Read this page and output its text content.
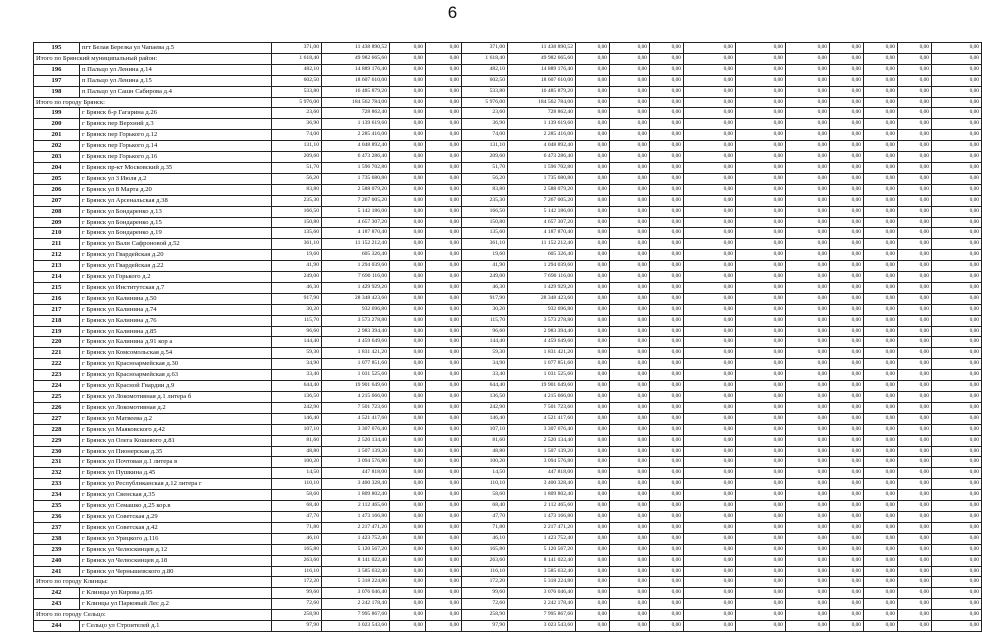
6
195	пгт Белая Березка ул Чапаева д.5	371,00	11 438 890,52	0,00	0,00	371,00	11 438 890,52	0,00	0,00	0,00	0,00	0,00	0,00	0,00	0,00	0,00	0,00
Итого по Брянский муниципальный район:		1 618,40	49 982 665,60	0,00	0,00	1 618,40	49 982 665,60	0,00	0,00	0,00	0,00	0,00	0,00	0,00	0,00	0,00	0,00
196	п Пальцо ул Ленина д.14	482,10	14 889 176,40	0,00	0,00	482,10	14 889 176,40	0,00	0,00	0,00	0,00	0,00	0,00	0,00	0,00	0,00	0,00
197	п Пальцо ул Ленина д.15	602,50	18 607 610,00	0,00	0,00	602,50	18 607 610,00	0,00	0,00	0,00	0,00	0,00	0,00	0,00	0,00	0,00	0,00
198	п Пальцо ул Сашн Сабирова д.4	533,80	16 485 879,20	0,00	0,00	533,80	16 485 879,20	0,00	0,00	0,00	0,00	0,00	0,00	0,00	0,00	0,00	0,00
Итого по городу Брянск:		5 976,00	184 562 784,00	0,00	0,00	5 976,00	184 562 784,00	0,00	0,00	0,00	0,00	0,00	0,00	0,00	0,00	0,00	0,00
199	г Брянск б-р Гагарина д.26	23,60	728 862,40	0,00	0,00	23,60	728 862,40	0,00	0,00	0,00	0,00	0,00	0,00	0,00	0,00	0,00	0,00
200	г Брянск пер Верхний д.3	36,90	1 139 619,60	0,00	0,00	36,90	1 139 619,60	0,00	0,00	0,00	0,00	0,00	0,00	0,00	0,00	0,00	0,00
201	г Брянск пер Горького д.12	74,00	2 285 416,00	0,00	0,00	74,00	2 285 416,00	0,00	0,00	0,00	0,00	0,00	0,00	0,00	0,00	0,00	0,00
202	г Брянск пер Горького д.14	131,10	4 048 892,40	0,00	0,00	131,10	4 048 892,40	0,00	0,00	0,00	0,00	0,00	0,00	0,00	0,00	0,00	0,00
203	г Брянск пер Горького д.16	209,60	6 473 286,40	0,00	0,00	209,60	6 473 286,40	0,00	0,00	0,00	0,00	0,00	0,00	0,00	0,00	0,00	0,00
204	г Брянск пр-кт Московский д.35	51,70	1 596 702,80	0,00	0,00	51,70	1 596 702,80	0,00	0,00	0,00	0,00	0,00	0,00	0,00	0,00	0,00	0,00
205	г Брянск ул 3 Июля д.2	56,20	1 735 680,80	0,00	0,00	56,20	1 735 680,80	0,00	0,00	0,00	0,00	0,00	0,00	0,00	0,00	0,00	0,00
206	г Брянск ул 8 Марта д.20	83,80	2 588 079,20	0,00	0,00	83,80	2 588 079,20	0,00	0,00	0,00	0,00	0,00	0,00	0,00	0,00	0,00	0,00
207	г Брянск ул Арсенальская д.38	235,30	7 267 005,20	0,00	0,00	235,30	7 267 005,20	0,00	0,00	0,00	0,00	0,00	0,00	0,00	0,00	0,00	0,00
208	г Брянск ул Бондаренко д.13	166,50	5 142 186,00	0,00	0,00	166,50	5 142 186,00	0,00	0,00	0,00	0,00	0,00	0,00	0,00	0,00	0,00	0,00
209	г Брянск ул Бондаренко д.15	150,80	4 657 307,20	0,00	0,00	150,80	4 657 307,20	0,00	0,00	0,00	0,00	0,00	0,00	0,00	0,00	0,00	0,00
210	г Брянск ул Бондаренко д.19	135,60	4 187 870,40	0,00	0,00	135,60	4 187 870,40	0,00	0,00	0,00	0,00	0,00	0,00	0,00	0,00	0,00	0,00
211	г Брянск ул Вали Сафроновой д.52	361,10	11 152 212,40	0,00	0,00	361,10	11 152 212,40	0,00	0,00	0,00	0,00	0,00	0,00	0,00	0,00	0,00	0,00
212	г Брянск ул Гвардейская д.20	19,60	605 326,40	0,00	0,00	19,60	605 326,40	0,00	0,00	0,00	0,00	0,00	0,00	0,00	0,00	0,00	0,00
213	г Брянск ул Гвардейская д.22	41,90	1 294 039,60	0,00	0,00	41,90	1 294 039,60	0,00	0,00	0,00	0,00	0,00	0,00	0,00	0,00	0,00	0,00
214	г Брянск ул Горького д.2	249,00	7 690 116,00	0,00	0,00	249,00	7 690 116,00	0,00	0,00	0,00	0,00	0,00	0,00	0,00	0,00	0,00	0,00
215	г Брянск ул Институтская д.7	46,30	1 429 929,20	0,00	0,00	46,30	1 429 929,20	0,00	0,00	0,00	0,00	0,00	0,00	0,00	0,00	0,00	0,00
216	г Брянск ул Калинина д.50	917,90	28 348 423,60	0,00	0,00	917,90	28 348 423,60	0,00	0,00	0,00	0,00	0,00	0,00	0,00	0,00	0,00	0,00
217	г Брянск ул Калинина д.74	30,20	932 696,80	0,00	0,00	30,20	932 696,80	0,00	0,00	0,00	0,00	0,00	0,00	0,00	0,00	0,00	0,00
218	г Брянск ул Калинина д.76	115,70	3 573 278,80	0,00	0,00	115,70	3 573 278,80	0,00	0,00	0,00	0,00	0,00	0,00	0,00	0,00	0,00	0,00
219	г Брянск ул Калинина д.85	96,60	2 983 394,40	0,00	0,00	96,60	2 983 394,40	0,00	0,00	0,00	0,00	0,00	0,00	0,00	0,00	0,00	0,00
220	г Брянск ул Калинина д.91 кор а	144,40	4 459 649,60	0,00	0,00	144,40	4 459 649,60	0,00	0,00	0,00	0,00	0,00	0,00	0,00	0,00	0,00	0,00
221	г Брянск ул Комсомольская д.54	59,30	1 831 421,20	0,00	0,00	59,30	1 831 421,20	0,00	0,00	0,00	0,00	0,00	0,00	0,00	0,00	0,00	0,00
222	г Брянск ул Красноармейская д.30	34,90	1 077 851,60	0,00	0,00	34,90	1 077 851,60	0,00	0,00	0,00	0,00	0,00	0,00	0,00	0,00	0,00	0,00
223	г Брянск ул Красноармейская д.63	33,40	1 031 525,60	0,00	0,00	33,40	1 031 525,60	0,00	0,00	0,00	0,00	0,00	0,00	0,00	0,00	0,00	0,00
224	г Брянск ул Красной Гвардии д.9	644,40	19 901 649,60	0,00	0,00	644,40	19 901 649,60	0,00	0,00	0,00	0,00	0,00	0,00	0,00	0,00	0,00	0,00
225	г Брянск ул Локомотивная д.1 литера б	136,50	4 215 666,00	0,00	0,00	136,50	4 215 666,00	0,00	0,00	0,00	0,00	0,00	0,00	0,00	0,00	0,00	0,00
226	г Брянск ул Локомотивная д.2	242,90	7 501 723,60	0,00	0,00	242,90	7 501 723,60	0,00	0,00	0,00	0,00	0,00	0,00	0,00	0,00	0,00	0,00
227	г Брянск ул Матвеева д.2	146,40	4 521 417,60	0,00	0,00	146,40	4 521 417,60	0,00	0,00	0,00	0,00	0,00	0,00	0,00	0,00	0,00	0,00
228	г Брянск ул Маяковского д.42	107,10	3 307 676,40	0,00	0,00	107,10	3 307 676,40	0,00	0,00	0,00	0,00	0,00	0,00	0,00	0,00	0,00	0,00
229	г Брянск ул Олега Кошевого д.81	81,60	2 520 134,40	0,00	0,00	81,60	2 520 134,40	0,00	0,00	0,00	0,00	0,00	0,00	0,00	0,00	0,00	0,00
230	г Брянск ул Пионерская д.35	48,80	1 507 139,20	0,00	0,00	48,80	1 507 139,20	0,00	0,00	0,00	0,00	0,00	0,00	0,00	0,00	0,00	0,00
231	г Брянск ул Почтовая д.1 литера в	100,20	3 094 576,80	0,00	0,00	100,20	3 094 576,80	0,00	0,00	0,00	0,00	0,00	0,00	0,00	0,00	0,00	0,00
232	г Брянск ул Пушкина д.45	14,50	447 818,00	0,00	0,00	14,50	447 818,00	0,00	0,00	0,00	0,00	0,00	0,00	0,00	0,00	0,00	0,00
233	г Брянск ул Республиканская д.12 литера г	110,10	3 400 328,40	0,00	0,00	110,10	3 400 328,40	0,00	0,00	0,00	0,00	0,00	0,00	0,00	0,00	0,00	0,00
234	г Брянск ул Свенская д.35	58,60	1 809 802,40	0,00	0,00	58,60	1 809 802,40	0,00	0,00	0,00	0,00	0,00	0,00	0,00	0,00	0,00	0,00
235	г Брянск ул Семашко д.25 кор.в	68,40	2 112 465,60	0,00	0,00	68,40	2 112 465,60	0,00	0,00	0,00	0,00	0,00	0,00	0,00	0,00	0,00	0,00
236	г Брянск ул Советская д.29	47,70	1 473 166,80	0,00	0,00	47,70	1 473 166,80	0,00	0,00	0,00	0,00	0,00	0,00	0,00	0,00	0,00	0,00
237	г Брянск ул Советская д.42	71,80	2 217 471,20	0,00	0,00	71,80	2 217 471,20	0,00	0,00	0,00	0,00	0,00	0,00	0,00	0,00	0,00	0,00
238	г Брянск ул Урицкого д.116	46,10	1 423 752,40	0,00	0,00	46,10	1 423 752,40	0,00	0,00	0,00	0,00	0,00	0,00	0,00	0,00	0,00	0,00
239	г Брянск ул Челюскинцев д.12	165,80	5 120 567,20	0,00	0,00	165,80	5 120 567,20	0,00	0,00	0,00	0,00	0,00	0,00	0,00	0,00	0,00	0,00
240	г Брянск ул Челюскинцев д.18	263,60	8 141 022,40	0,00	0,00	263,60	8 141 022,40	0,00	0,00	0,00	0,00	0,00	0,00	0,00	0,00	0,00	0,00
241	г Брянск ул Чернышевского д.80	116,10	3 585 632,40	0,00	0,00	116,10	3 585 632,40	0,00	0,00	0,00	0,00	0,00	0,00	0,00	0,00	0,00	0,00
Итого по городу Клинцы:		172,20	5 318 224,80	0,00	0,00	172,20	5 318 224,80	0,00	0,00	0,00	0,00	0,00	0,00	0,00	0,00	0,00	0,00
242	г Клинцы ул Кирова д.95	99,60	3 076 046,40	0,00	0,00	99,60	3 076 046,40	0,00	0,00	0,00	0,00	0,00	0,00	0,00	0,00	0,00	0,00
243	г Клинцы ул Парковый Лес д.2	72,60	2 242 178,40	0,00	0,00	72,60	2 242 178,40	0,00	0,00	0,00	0,00	0,00	0,00	0,00	0,00	0,00	0,00
Итого по городу Сельцо:		258,90	7 995 867,60	0,00	0,00	258,90	7 995 867,60	0,00	0,00	0,00	0,00	0,00	0,00	0,00	0,00	0,00	0,00
244	г Сельцо ул Строителей д.1	97,90	3 023 543,60	0,00	0,00	97,90	3 023 543,60	0,00	0,00	0,00	0,00	0,00	0,00	0,00	0,00	0,00	0,00
